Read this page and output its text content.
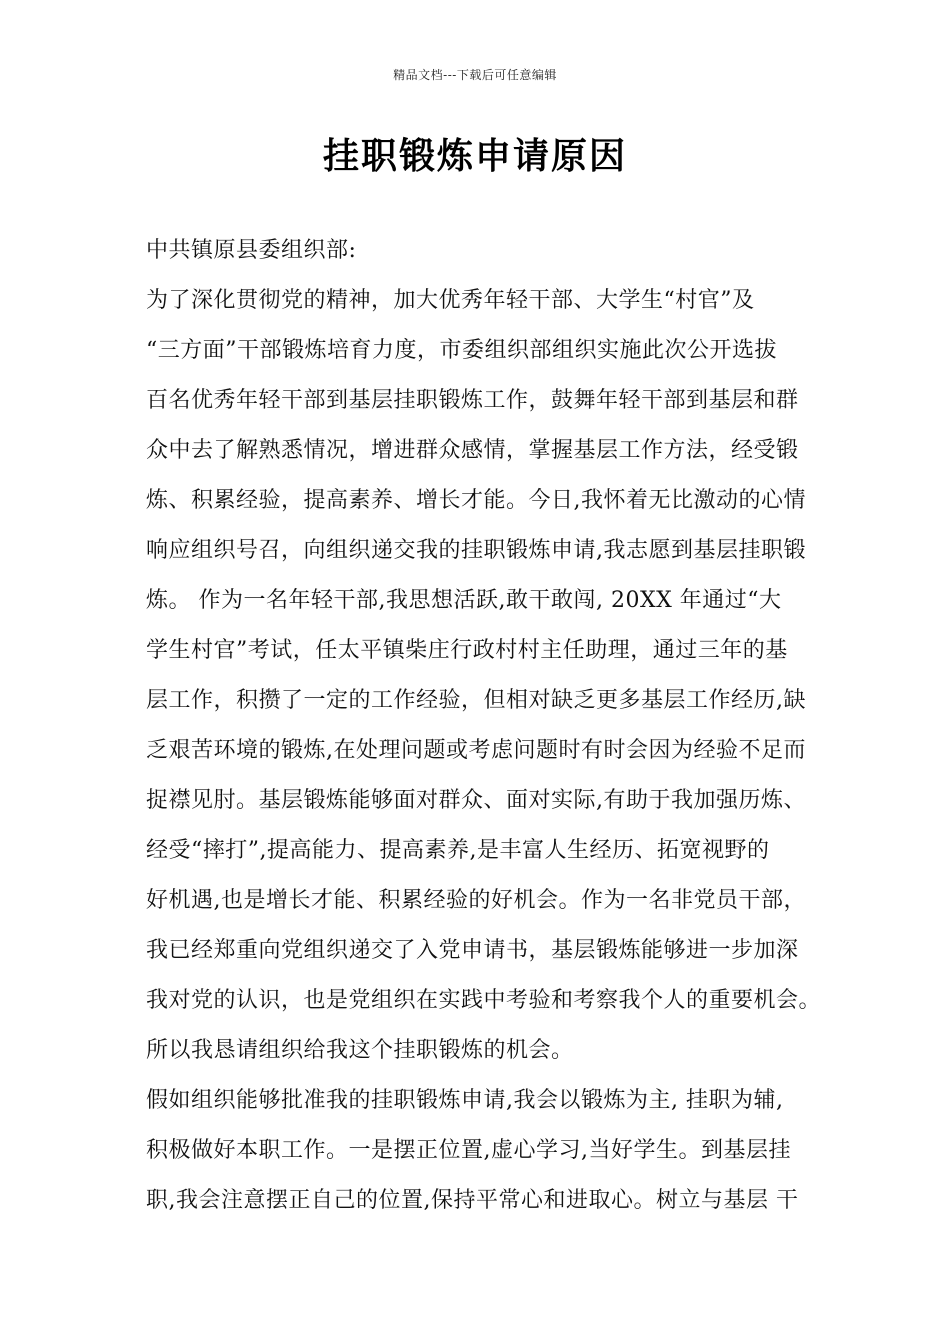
精品文档---下载后可任意编辑
挂职锻炼申请原因
中共镇原县委组织部:
为了深化贯彻党的精神，加大优秀年轻干部、大学生“村官”及
“三方面”干部锻炼培育力度，市委组织部组织实施此次公开选拔
百名优秀年轻干部到基层挂职锻炼工作，鼓舞年轻干部到基层和群
众中去了解熟悉情况，增进群众感情，掌握基层工作方法，经受锻
炼、积累经验，提高素养、增长才能。今日,我怀着无比激动的心情
响应组织号召，向组织递交我的挂职锻炼申请,我志愿到基层挂职锻
炼。 作为一名年轻干部,我思想活跃,敢干敢闯, 20XX 年通过“大
学生村官”考试，任太平镇柴庄行政村村主任助理，通过三年的基
层工作，积攒了一定的工作经验，但相对缺乏更多基层工作经历,缺
乏艰苦环境的锻炼,在处理问题或考虑问题时有时会因为经验不足而
捉襟见肘。基层锻炼能够面对群众、面对实际,有助于我加强历炼、
经受“摔打”,提高能力、提高素养,是丰富人生经历、拓宽视野的
好机遇,也是增长才能、积累经验的好机会。作为一名非党员干部，
我已经郑重向党组织递交了入党申请书，基层锻炼能够进一步加深
我对党的认识，也是党组织在实践中考验和考察我个人的重要机会。
所以我恳请组织给我这个挂职锻炼的机会。
假如组织能够批准我的挂职锻炼申请,我会以锻炼为主, 挂职为辅,
积极做好本职工作。一是摆正位置,虚心学习,当好学生。到基层挂
职,我会注意摆正自己的位置,保持平常心和进取心。树立与基层 干
